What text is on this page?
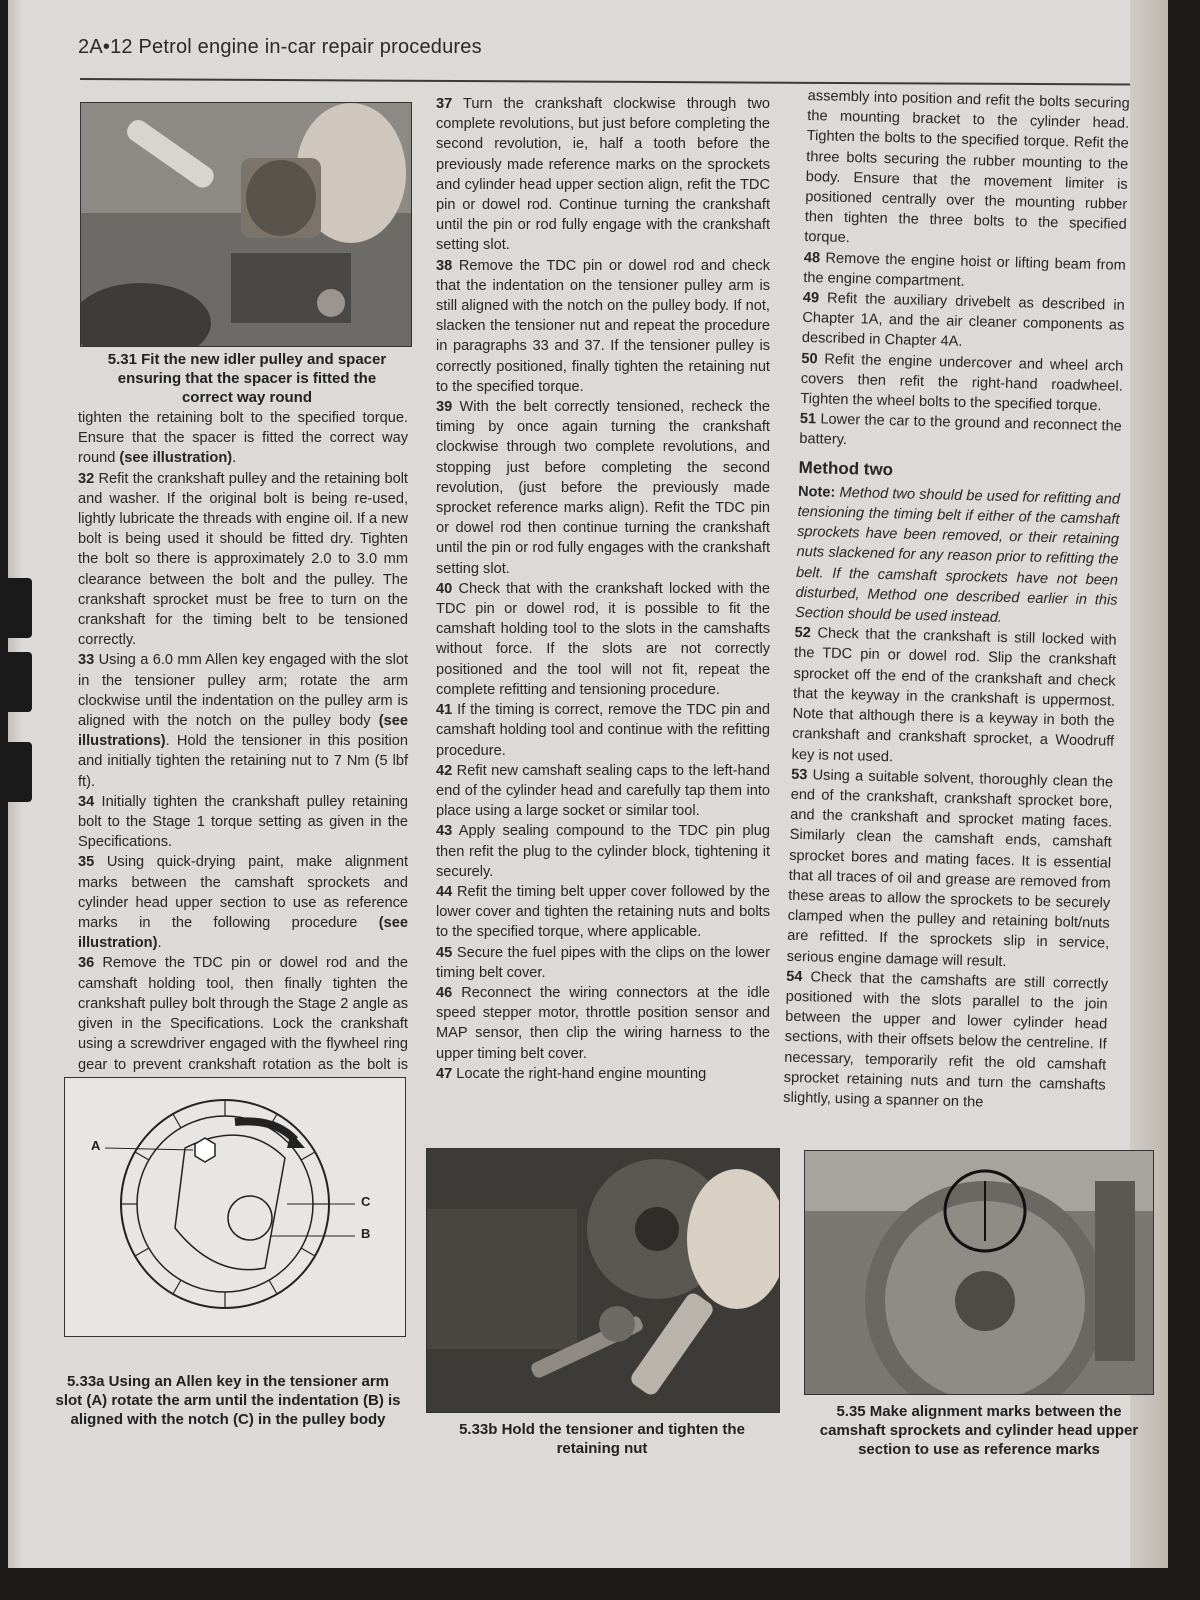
2A•12 Petrol engine in-car repair procedures
5.31 Fit the new idler pulley and spacer ensuring that the spacer is fitted the correct way round

tighten the retaining bolt to the specified torque. Ensure that the spacer is fitted the correct way round (see illustration).

32 Refit the crankshaft pulley and the retaining bolt and washer. If the original bolt is being re-used, lightly lubricate the threads with engine oil. If a new bolt is being used it should be fitted dry. Tighten the bolt so there is approximately 2.0 to 3.0 mm clearance between the bolt and the pulley. The crankshaft sprocket must be free to turn on the crankshaft for the timing belt to be tensioned correctly.

33 Using a 6.0 mm Allen key engaged with the slot in the tensioner pulley arm; rotate the arm clockwise until the indentation on the pulley arm is aligned with the notch on the pulley body (see illustrations). Hold the tensioner in this position and initially tighten the retaining nut to 7 Nm (5 lbf ft).

34 Initially tighten the crankshaft pulley retaining bolt to the Stage 1 torque setting as given in the Specifications.

35 Using quick-drying paint, make alignment marks between the camshaft sprockets and cylinder head upper section to use as reference marks in the following procedure (see illustration).

36 Remove the TDC pin or dowel rod and the camshaft holding tool, then finally tighten the crankshaft pulley bolt through the Stage 2 angle as given in the Specifications. Lock the crankshaft using a screwdriver engaged with the flywheel ring gear to prevent crankshaft rotation as the bolt is

37 Turn the crankshaft clockwise through two complete revolutions, but just before completing the second revolution, ie, half a tooth before the previously made reference marks on the sprockets and cylinder head upper section align, refit the TDC pin or dowel rod. Continue turning the crankshaft until the pin or rod fully engage with the crankshaft setting slot.

38 Remove the TDC pin or dowel rod and check that the indentation on the tensioner pulley arm is still aligned with the notch on the pulley body. If not, slacken the tensioner nut and repeat the procedure in paragraphs 33 and 37. If the tensioner pulley is correctly positioned, finally tighten the retaining nut to the specified torque.

39 With the belt correctly tensioned, recheck the timing by once again turning the crankshaft clockwise through two complete revolutions, and stopping just before completing the second revolution, (just before the previously made sprocket reference marks align). Refit the TDC pin or dowel rod then continue turning the crankshaft until the pin or rod fully engages with the crankshaft setting slot.

40 Check that with the crankshaft locked with the TDC pin or dowel rod, it is possible to fit the camshaft holding tool to the slots in the camshafts without force. If the slots are not correctly positioned and the tool will not fit, repeat the complete refitting and tensioning procedure.

41 If the timing is correct, remove the TDC pin and camshaft holding tool and continue with the refitting procedure.

42 Refit new camshaft sealing caps to the left-hand end of the cylinder head and carefully tap them into place using a large socket or similar tool.

43 Apply sealing compound to the TDC pin plug then refit the plug to the cylinder block, tightening it securely.

44 Refit the timing belt upper cover followed by the lower cover and tighten the retaining nuts and bolts to the specified torque, where applicable.

45 Secure the fuel pipes with the clips on the lower timing belt cover.

46 Reconnect the wiring connectors at the idle speed stepper motor, throttle position sensor and MAP sensor, then clip the wiring harness to the upper timing belt cover.

47 Locate the right-hand engine mounting

assembly into position and refit the bolts securing the mounting bracket to the cylinder head. Tighten the bolts to the specified torque. Refit the three bolts securing the rubber mounting to the body. Ensure that the movement limiter is positioned centrally over the mounting rubber then tighten the three bolts to the specified torque.

48 Remove the engine hoist or lifting beam from the engine compartment.

49 Refit the auxiliary drivebelt as described in Chapter 1A, and the air cleaner components as described in Chapter 4A.

50 Refit the engine undercover and wheel arch covers then refit the right-hand roadwheel. Tighten the wheel bolts to the specified torque.

51 Lower the car to the ground and reconnect the battery.

Method two

Note: Method two should be used for refitting and tensioning the timing belt if either of the camshaft sprockets have been removed, or their retaining nuts slackened for any reason prior to refitting the belt. If the camshaft sprockets have not been disturbed, Method one described earlier in this Section should be used instead.

52 Check that the crankshaft is still locked with the TDC pin or dowel rod. Slip the crankshaft sprocket off the end of the crankshaft and check that the keyway in the crankshaft is uppermost. Note that although there is a keyway in both the crankshaft and crankshaft sprocket, a Woodruff key is not used.

53 Using a suitable solvent, thoroughly clean the end of the crankshaft, crankshaft sprocket bore, and the crankshaft and sprocket mating faces. Similarly clean the camshaft ends, camshaft sprocket bores and mating faces. It is essential that all traces of oil and grease are removed from these areas to allow the sprockets to be securely clamped when the pulley and retaining bolt/nuts are refitted. If the sprockets slip in service, serious engine damage will result.

54 Check that the camshafts are still correctly positioned with the slots parallel to the join between the upper and lower cylinder head sections, with their offsets below the centreline. If necessary, temporarily refit the old camshaft sprocket retaining nuts and turn the camshafts slightly, using a spanner on the

A
C
B
5.33a Using an Allen key in the tensioner arm slot (A) rotate the arm until the indentation (B) is aligned with the notch (C) in the pulley body
5.33b Hold the tensioner and tighten the retaining nut
5.35 Make alignment marks between the camshaft sprockets and cylinder head upper section to use as reference marks
